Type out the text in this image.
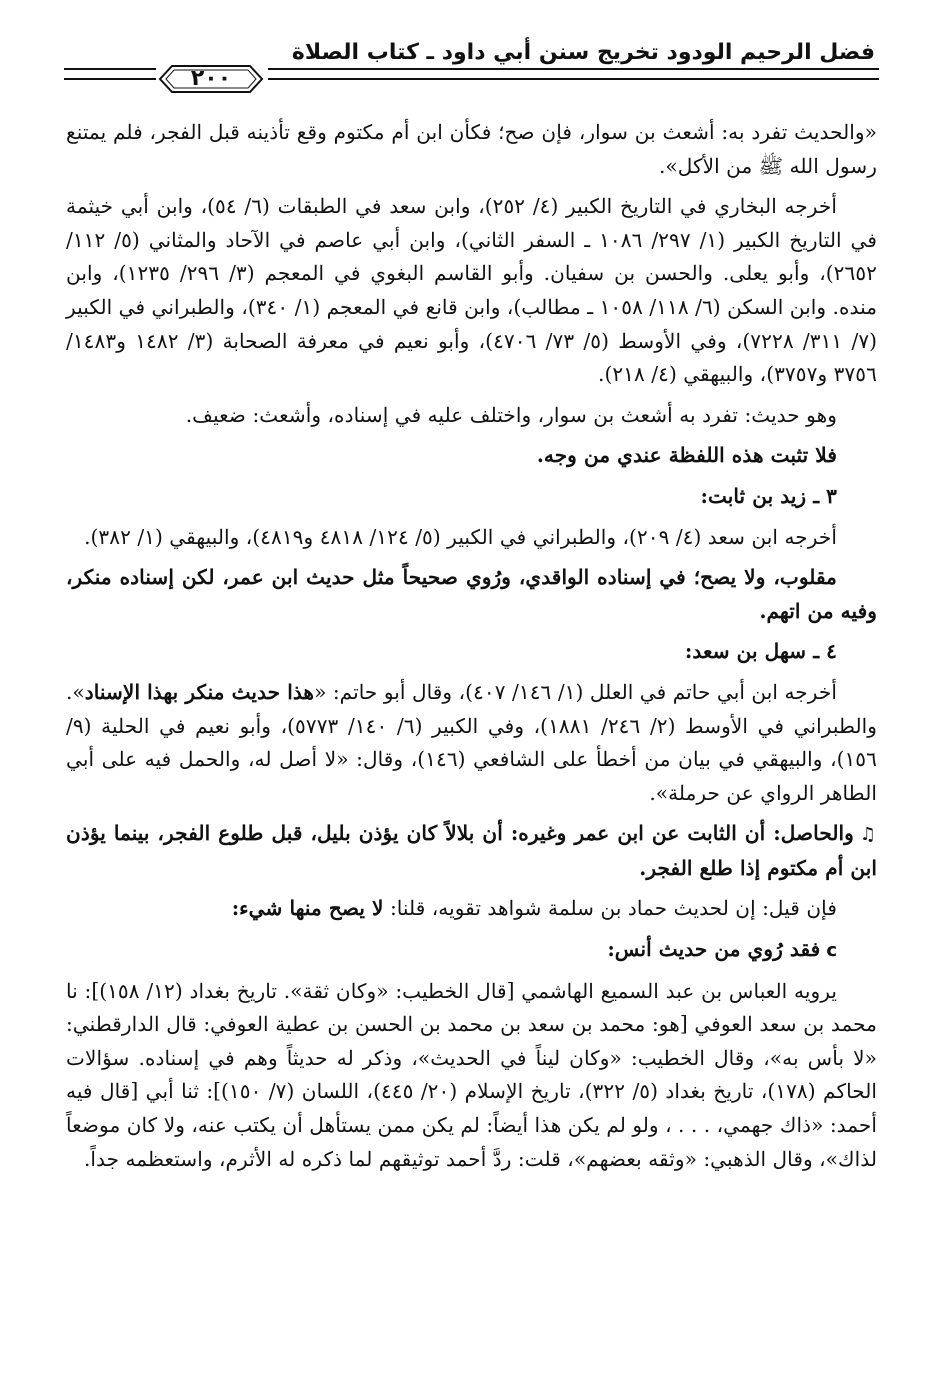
فضل الرحيم الودود تخريج سنن أبي داود ـ كتاب الصلاة
٢٠٠

«والحديث تفرد به: أشعث بن سوار، فإن صح؛ فكأن ابن أم مكتوم وقع تأذينه قبل الفجر، فلم يمتنع رسول الله ﷺ من الأكل».

أخرجه البخاري في التاريخ الكبير (٤/ ٢٥٢)، وابن سعد في الطبقات (٦/ ٥٤)، وابن أبي خيثمة في التاريخ الكبير (١/ ٢٩٧/ ١٠٨٦ ـ السفر الثاني)، وابن أبي عاصم في الآحاد والمثاني (٥/ ١١٢/ ٢٦٥٢)، وأبو يعلى. والحسن بن سفيان. وأبو القاسم البغوي في المعجم (٣/ ٢٩٦/ ١٢٣٥)، وابن منده. وابن السكن (٦/ ١١٨/ ١٠٥٨ ـ مطالب)، وابن قانع في المعجم (١/ ٣٤٠)، والطبراني في الكبير (٧/ ٣١١/ ٧٢٢٨)، وفي الأوسط (٥/ ٧٣/ ٤٧٠٦)، وأبو نعيم في معرفة الصحابة (٣/ ١٤٨٢ و١٤٨٣/ ٣٧٥٦ و٣٧٥٧)، والبيهقي (٤/ ٢١٨).

وهو حديث: تفرد به أشعث بن سوار، واختلف عليه في إسناده، وأشعث: ضعيف.

فلا تثبت هذه اللفظة عندي من وجه.

٣ ـ زيد بن ثابت:

أخرجه ابن سعد (٤/ ٢٠٩)، والطبراني في الكبير (٥/ ١٢٤/ ٤٨١٨ و٤٨١٩)، والبيهقي (١/ ٣٨٢).

مقلوب، ولا يصح؛ في إسناده الواقدي، ورُوي صحيحاً مثل حديث ابن عمر، لكن إسناده منكر، وفيه من اتهم.

٤ ـ سهل بن سعد:

أخرجه ابن أبي حاتم في العلل (١/ ١٤٦/ ٤٠٧)، وقال أبو حاتم: «هذا حديث منكر بهذا الإسناد». والطبراني في الأوسط (٢/ ٢٤٦/ ١٨٨١)، وفي الكبير (٦/ ١٤٠/ ٥٧٧٣)، وأبو نعيم في الحلية (٩/ ١٥٦)، والبيهقي في بيان من أخطأ على الشافعي (١٤٦)، وقال: «لا أصل له، والحمل فيه على أبي الطاهر الرواي عن حرملة».

♫والحاصل: أن الثابت عن ابن عمر وغيره: أن بلالاً كان يؤذن بليل، قبل طلوع الفجر، بينما يؤذن ابن أم مكتوم إذا طلع الفجر.

فإن قيل: إن لحديث حماد بن سلمة شواهد تقويه، قلنا: لا يصح منها شيء:

cفقد رُوي من حديث أنس:

يرويه العباس بن عبد السميع الهاشمي [قال الخطيب: «وكان ثقة». تاريخ بغداد (١٢/ ١٥٨)]: نا محمد بن سعد العوفي [هو: محمد بن سعد بن محمد بن الحسن بن عطية العوفي: قال الدارقطني: «لا بأس به»، وقال الخطيب: «وكان ليناً في الحديث»، وذكر له حديثاً وهم في إسناده. سؤالات الحاكم (١٧٨)، تاريخ بغداد (٥/ ٣٢٢)، تاريخ الإسلام (٢٠/ ٤٤٥)، اللسان (٧/ ١٥٠)]: ثنا أبي [قال فيه أحمد: «ذاك جهمي، . . . ، ولو لم يكن هذا أيضاً: لم يكن ممن يستأهل أن يكتب عنه، ولا كان موضعاً لذاك»، وقال الذهبي: «وثقه بعضهم»، قلت: ردَّ أحمد توثيقهم لما ذكره له الأثرم، واستعظمه جداً.
